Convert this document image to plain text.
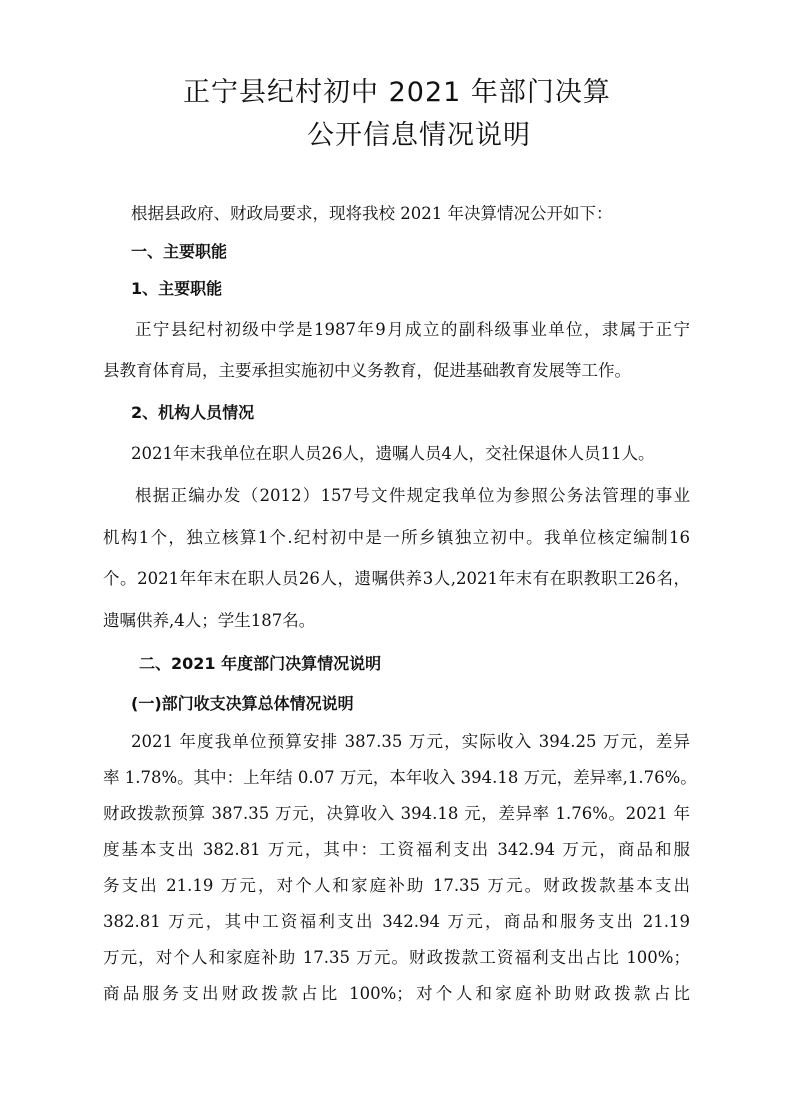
正宁县纪村初中 2021 年部门决算
公开信息情况说明
根据县政府、财政局要求，现将我校 2021 年决算情况公开如下：
一、主要职能
1、主要职能
正宁县纪村初级中学是1987年9月成立的副科级事业单位，隶属于正宁
县教育体育局，主要承担实施初中义务教育，促进基础教育发展等工作。
2、机构人员情况
2021年末我单位在职人员26人，遗嘱人员4人，交社保退休人员11人。
根据正编办发（2012）157号文件规定我单位为参照公务法管理的事业
机构1个，独立核算1个.纪村初中是一所乡镇独立初中。我单位核定编制16
个。2021年年末在职人员26人，遗嘱供养3人,2021年末有在职教职工26名，
遗嘱供养,4人；学生187名。
二、2021 年度部门决算情况说明
(一)部门收支决算总体情况说明
2021 年度我单位预算安排 387.35 万元，实际收入 394.25 万元，差异
率 1.78%。其中：上年结 0.07 万元，本年收入 394.18 万元，差异率,1.76%。
财政拨款预算 387.35 万元，决算收入 394.18 元，差异率 1.76%。2021 年
度基本支出 382.81 万元，其中：工资福利支出 342.94 万元，商品和服
务支出 21.19 万元，对个人和家庭补助 17.35 万元。财政拨款基本支出
382.81 万元，其中工资福利支出 342.94 万元，商品和服务支出 21.19
万元，对个人和家庭补助 17.35 万元。财政拨款工资福利支出占比 100%；
商品服务支出财政拨款占比 100%；对个人和家庭补助财政拨款占比
